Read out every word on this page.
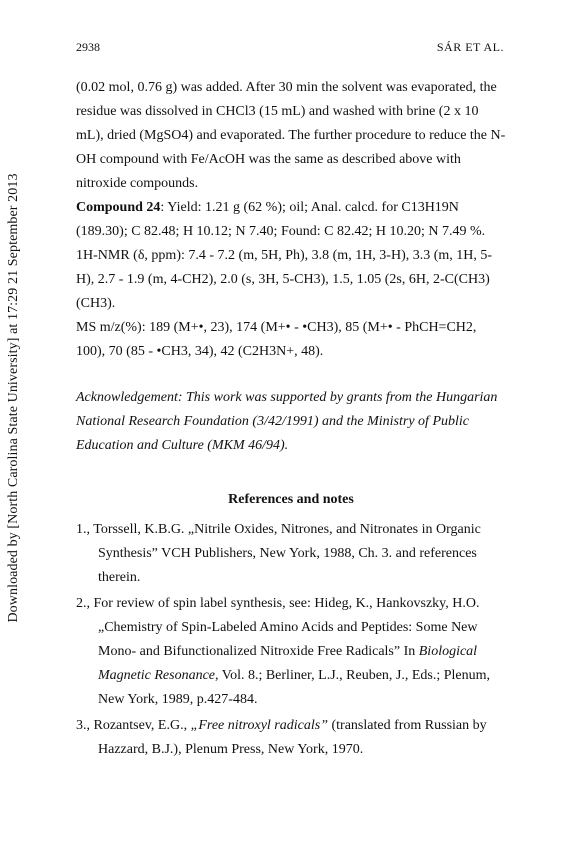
Downloaded by [North Carolina State University] at 17:29 21 September 2013
2938	SÁR ET AL.

(0.02 mol, 0.76 g) was added. After 30 min the solvent was evaporated, the residue was dissolved in CHCl3 (15 mL) and washed with brine (2 x 10 mL), dried (MgSO4) and evaporated. The further procedure to reduce the N-OH compound with Fe/AcOH was the same as described above with nitroxide compounds.

Compound 24: Yield: 1.21 g (62 %); oil; Anal. calcd. for C13H19N (189.30); C 82.48; H 10.12; N 7.40; Found: C 82.42; H 10.20; N 7.49 %.

1H-NMR (δ, ppm): 7.4 - 7.2 (m, 5H, Ph), 3.8 (m, 1H, 3-H), 3.3 (m, 1H, 5-H), 2.7 - 1.9 (m, 4-CH2), 2.0 (s, 3H, 5-CH3), 1.5, 1.05 (2s, 6H, 2-C(CH3)(CH3).

MS m/z(%): 189 (M+•, 23), 174 (M+• - •CH3), 85 (M+• - PhCH=CH2, 100), 70 (85 - •CH3, 34), 42 (C2H3N+, 48).

Acknowledgement: This work was supported by grants from the Hungarian National Research Foundation (3/42/1991) and the Ministry of Public Education and Culture (MKM 46/94).

References and notes

1., Torssell, K.B.G. „Nitrile Oxides, Nitrones, and Nitronates in Organic Synthesis” VCH Publishers, New York, 1988, Ch. 3. and references therein.

2., For review of spin label synthesis, see: Hideg, K., Hankovszky, H.O. „Chemistry of Spin-Labeled Amino Acids and Peptides: Some New Mono- and Bifunctionalized Nitroxide Free Radicals” In Biological Magnetic Resonance, Vol. 8.; Berliner, L.J., Reuben, J., Eds.; Plenum, New York, 1989, p.427-484.

3., Rozantsev, E.G., „Free nitroxyl radicals” (translated from Russian by Hazzard, B.J.), Plenum Press, New York, 1970.
